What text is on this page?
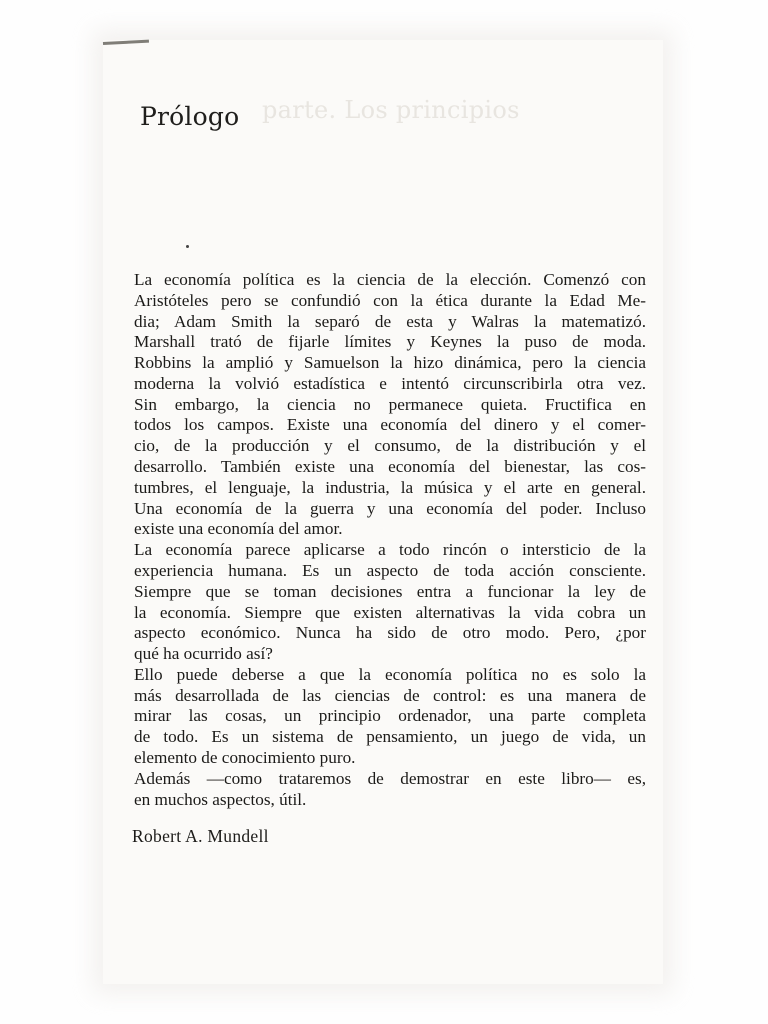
parte. Los principios
Prólogo
La economía política es la ciencia de la elección. Comenzó con
Aristóteles pero se confundió con la ética durante la Edad Me-
dia; Adam Smith la separó de esta y Walras la matematizó.
Marshall trató de fijarle límites y Keynes la puso de moda.
Robbins la amplió y Samuelson la hizo dinámica, pero la ciencia
moderna la volvió estadística e intentó circunscribirla otra vez.
Sin embargo, la ciencia no permanece quieta. Fructifica en
todos los campos. Existe una economía del dinero y el comer-
cio, de la producción y el consumo, de la distribución y el
desarrollo. También existe una economía del bienestar, las cos-
tumbres, el lenguaje, la industria, la música y el arte en general.
Una economía de la guerra y una economía del poder. Incluso
existe una economía del amor.
La economía parece aplicarse a todo rincón o intersticio de la
experiencia humana. Es un aspecto de toda acción consciente.
Siempre que se toman decisiones entra a funcionar la ley de
la economía. Siempre que existen alternativas la vida cobra un
aspecto económico. Nunca ha sido de otro modo. Pero, ¿por
qué ha ocurrido así?
Ello puede deberse a que la economía política no es solo la
más desarrollada de las ciencias de control: es una manera de
mirar las cosas, un principio ordenador, una parte completa
de todo. Es un sistema de pensamiento, un juego de vida, un
elemento de conocimiento puro.
Además —como trataremos de demostrar en este libro— es,
en muchos aspectos, útil.
Robert A. Mundell
